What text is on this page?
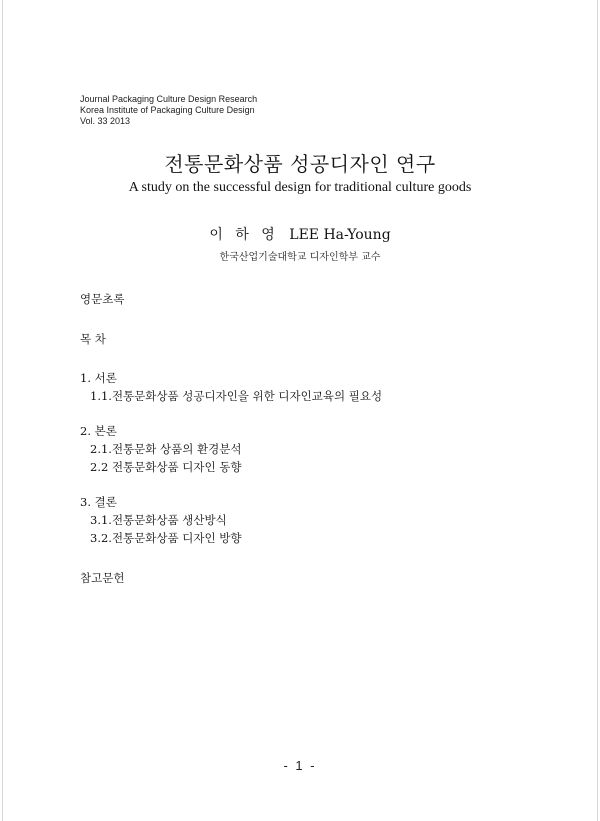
Journal Packaging Culture Design Research
Korea Institute of Packaging Culture Design
Vol. 33 2013
전통문화상품 성공디자인 연구
A study on the successful design for traditional culture goods
이 하 영 LEE Ha-Young
한국산업기술대학교 디자인학부 교수
영문초록
목 차
1. 서론
1.1.전통문화상품 성공디자인을 위한 디자인교육의 필요성
2. 본론
2.1.전통문화 상품의 환경분석
2.2 전통문화상품 디자인 동향
3. 결론
3.1.전통문화상품 생산방식
3.2.전통문화상품 디자인 방향
참고문헌
- 1 -
